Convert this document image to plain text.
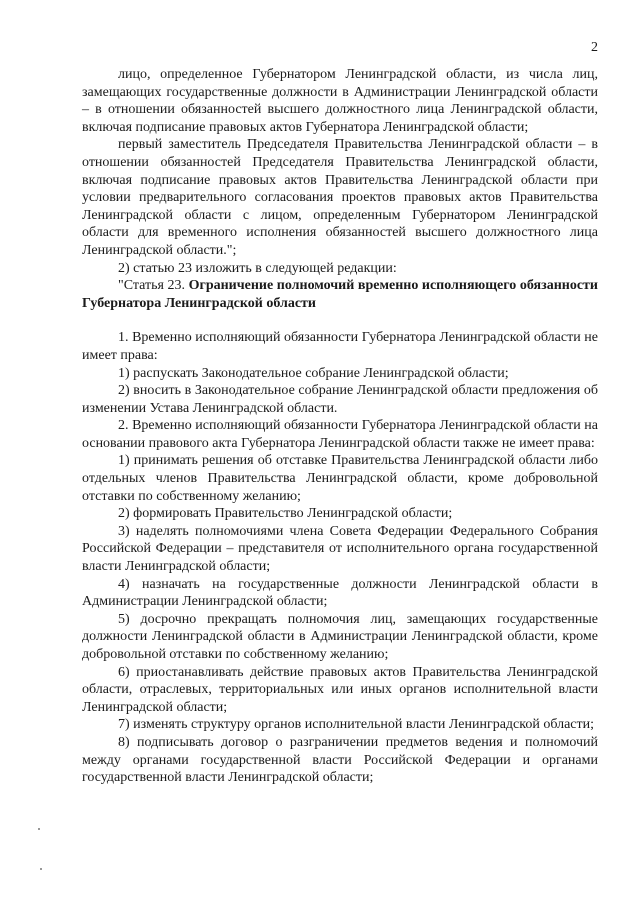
2

лицо, определенное Губернатором Ленинградской области, из числа лиц, замещающих государственные должности в Администрации Ленинградской области – в отношении обязанностей высшего должностного лица Ленинградской области, включая подписание правовых актов Губернатора Ленинградской области;

первый заместитель Председателя Правительства Ленинградской области – в отношении обязанностей Председателя Правительства Ленинградской области, включая подписание правовых актов Правительства Ленинградской области при условии предварительного согласования проектов правовых актов Правительства Ленинградской области с лицом, определенным Губернатором Ленинградской области для временного исполнения обязанностей высшего должностного лица Ленинградской области.";

2) статью 23 изложить в следующей редакции:

"Статья 23. Ограничение полномочий временно исполняющего обязанности Губернатора Ленинградской области

1. Временно исполняющий обязанности Губернатора Ленинградской области не имеет права:

1) распускать Законодательное собрание Ленинградской области;

2) вносить в Законодательное собрание Ленинградской области предложения об изменении Устава Ленинградской области.

2. Временно исполняющий обязанности Губернатора Ленинградской области на основании правового акта Губернатора Ленинградской области также не имеет права:

1) принимать решения об отставке Правительства Ленинградской области либо отдельных членов Правительства Ленинградской области, кроме добровольной отставки по собственному желанию;

2) формировать Правительство Ленинградской области;

3) наделять полномочиями члена Совета Федерации Федерального Собрания Российской Федерации – представителя от исполнительного органа государственной власти Ленинградской области;

4) назначать на государственные должности Ленинградской области в Администрации Ленинградской области;

5) досрочно прекращать полномочия лиц, замещающих государственные должности Ленинградской области в Администрации Ленинградской области, кроме добровольной отставки по собственному желанию;

6) приостанавливать действие правовых актов Правительства Ленинградской области, отраслевых, территориальных или иных органов исполнительной власти Ленинградской области;

7) изменять структуру органов исполнительной власти Ленинградской области;

8) подписывать договор о разграничении предметов ведения и полномочий между органами государственной власти Российской Федерации и органами государственной власти Ленинградской области;
